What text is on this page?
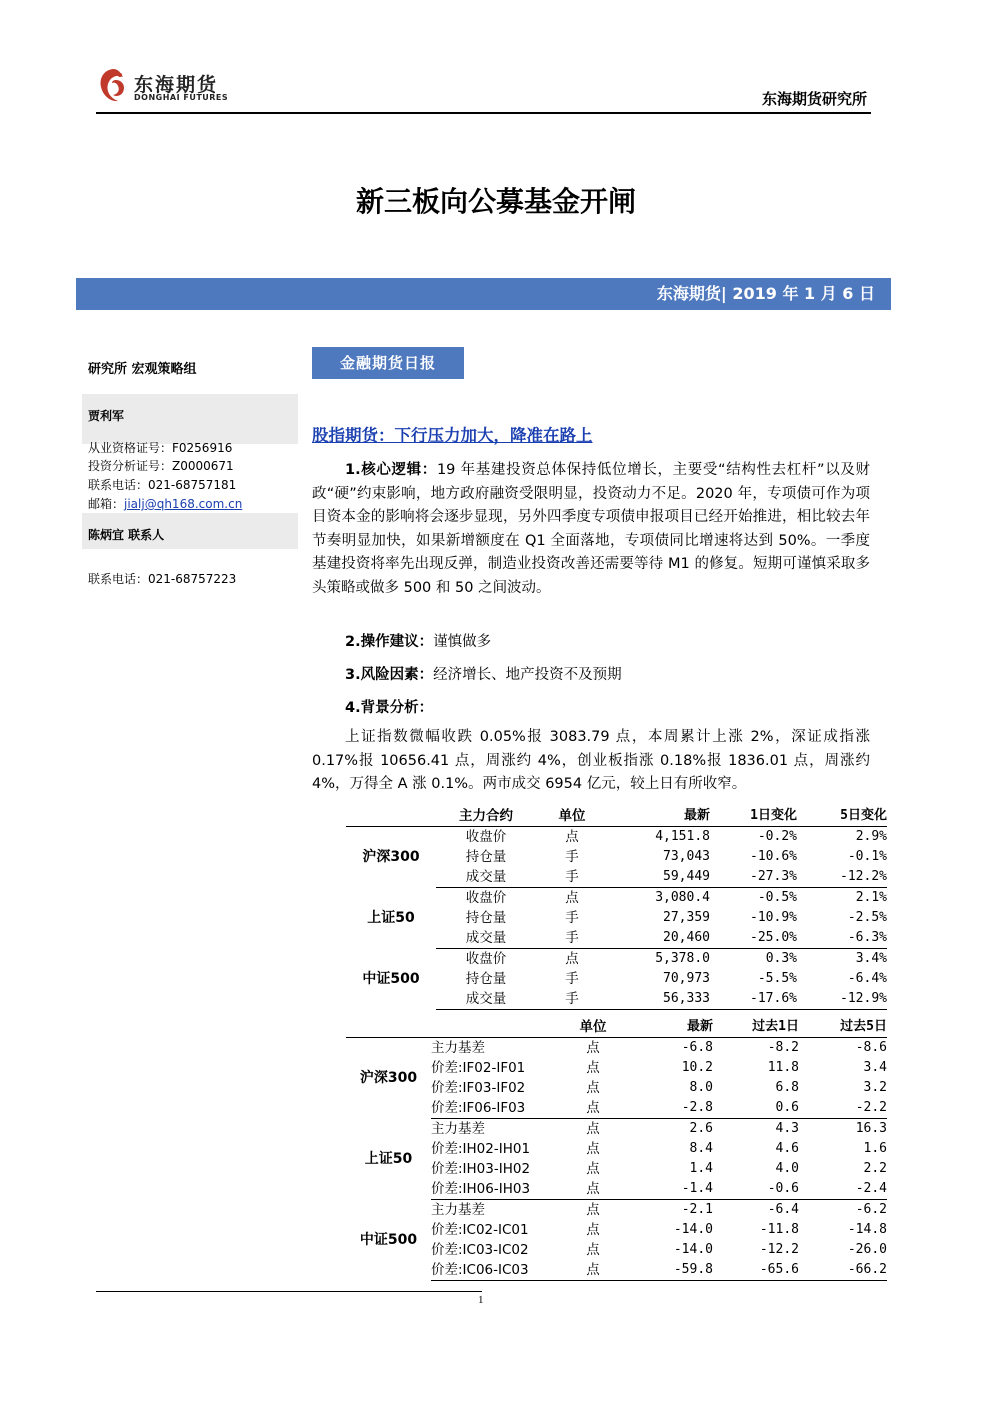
东海期货
DONGHAI FUTURES	东海期货研究所
新三板向公募基金开闸
东海期货| 2019 年 1 月 6 日
研究所 宏观策略组
贾利军
从业资格证号：F0256916
投资分析证号：Z0000671
联系电话：021-68757181
邮箱：jialj@qh168.com.cn
陈炳宜 联系人
联系电话：021-68757223
金融期货日报
股指期货：下行压力加大，降准在路上
1.核心逻辑：19 年基建投资总体保持低位增长，主要受“结构性去杠杆”以及财政“硬”约束影响，地方政府融资受限明显，投资动力不足。2020 年，专项债可作为项目资本金的影响将会逐步显现，另外四季度专项债申报项目已经开始推进，相比较去年节奏明显加快，如果新增额度在 Q1 全面落地，专项债同比增速将达到 50%。一季度基建投资将率先出现反弹，制造业投资改善还需要等待 M1 的修复。短期可谨慎采取多头策略或做多 500 和 50 之间波动。
2.操作建议：谨慎做多
3.风险因素：经济增长、地产投资不及预期
4.背景分析：
上证指数微幅收跌 0.05%报 3083.79 点，本周累计上涨 2%，深证成指涨 0.17%报 10656.41 点，周涨约 4%，创业板指涨 0.18%报 1836.01 点，周涨约 4%，万得全 A 涨 0.1%。两市成交 6954 亿元，较上日有所收窄。
	主力合约	单位	最新	1日变化	5日变化
沪深300	收盘价	点	4,151.8	-0.2%	2.9%
	持仓量	手	73,043	-10.6%	-0.1%
	成交量	手	59,449	-27.3%	-12.2%
上证50	收盘价	点	3,080.4	-0.5%	2.1%
	持仓量	手	27,359	-10.9%	-2.5%
	成交量	手	20,460	-25.0%	-6.3%
中证500	收盘价	点	5,378.0	0.3%	3.4%
	持仓量	手	70,973	-5.5%	-6.4%
	成交量	手	56,333	-17.6%	-12.9%
		单位	最新	过去1日	过去5日
沪深300	主力基差	点	-6.8	-8.2	-8.6
	价差:IF02-IF01	点	10.2	11.8	3.4
	价差:IF03-IF02	点	8.0	6.8	3.2
	价差:IF06-IF03	点	-2.8	0.6	-2.2
上证50	主力基差	点	2.6	4.3	16.3
	价差:IH02-IH01	点	8.4	4.6	1.6
	价差:IH03-IH02	点	1.4	4.0	2.2
	价差:IH06-IH03	点	-1.4	-0.6	-2.4
中证500	主力基差	点	-2.1	-6.4	-6.2
	价差:IC02-IC01	点	-14.0	-11.8	-14.8
	价差:IC03-IC02	点	-14.0	-12.2	-26.0
	价差:IC06-IC03	点	-59.8	-65.6	-66.2
1
